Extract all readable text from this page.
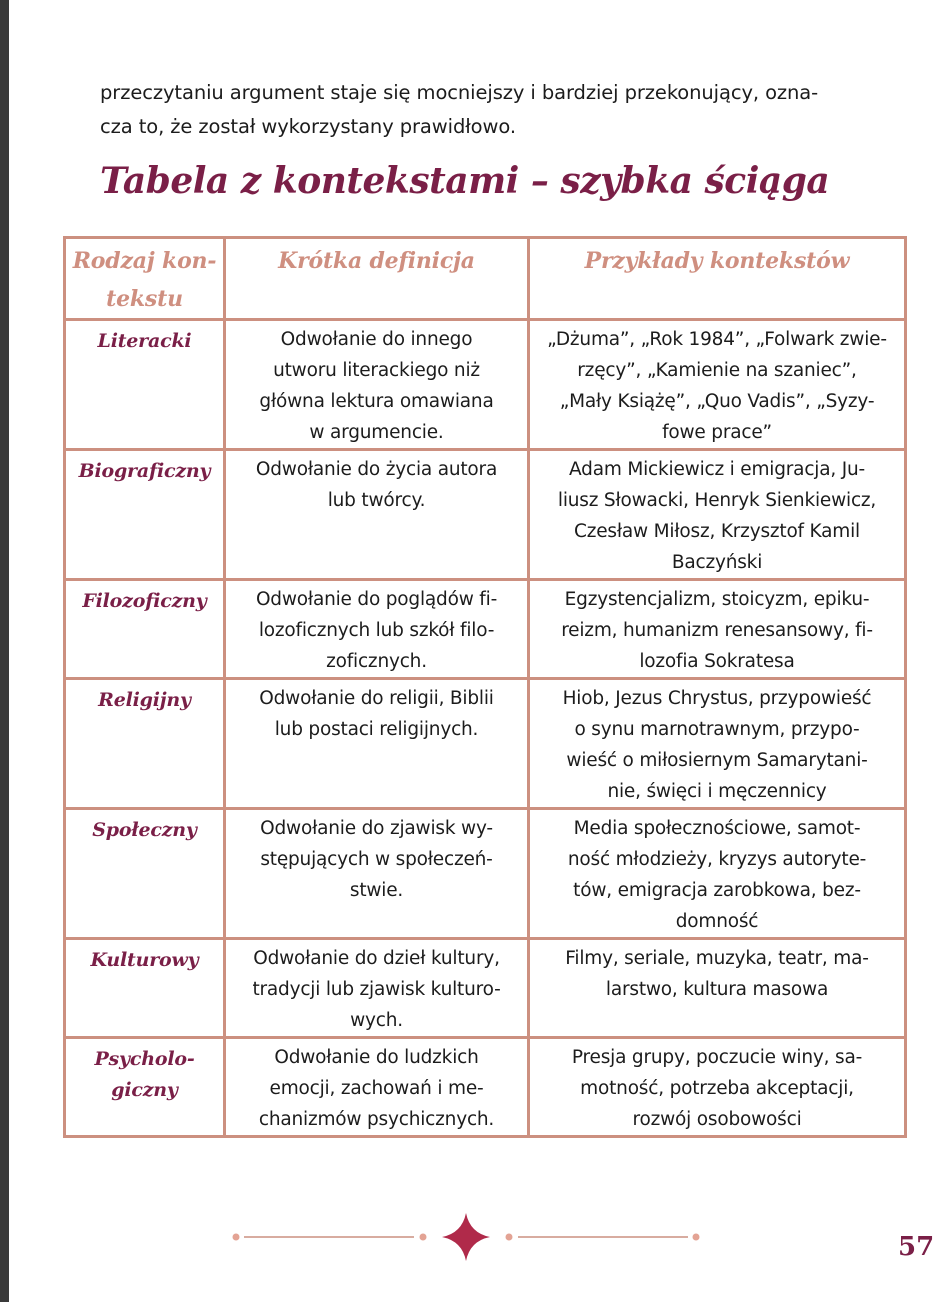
przeczytaniu argument staje się mocniejszy i bardziej przekonujący, ozna-

cza to, że został wykorzystany prawidłowo.

Tabela z kontekstami – szybka ściąga
Rodzaj kon- tekstu	Krótka definicja	Przykłady kontekstów

Literacki	Odwołanie do innego
utworu literackiego niż
główna lektura omawiana
w argumencie.	„Dżuma”, „Rok 1984”, „Folwark zwie-
rzęcy”, „Kamienie na szaniec”,
„Mały Książę”, „Quo Vadis”, „Syzy-
fowe prace”

Biograficzny	Odwołanie do życia autora
lub twórcy.	Adam Mickiewicz i emigracja, Ju-
liusz Słowacki, Henryk Sienkiewicz,
Czesław Miłosz, Krzysztof Kamil
Baczyński

Filozoficzny	Odwołanie do poglądów fi-
lozoficznych lub szkół filo-
zoficznych.	Egzystencjalizm, stoicyzm, epiku-
reizm, humanizm renesansowy, fi-
lozofia Sokratesa

Religijny	Odwołanie do religii, Biblii
lub postaci religijnych.	Hiob, Jezus Chrystus, przypowieść
o synu marnotrawnym, przypo-
wieść o miłosiernym Samarytani-
nie, święci i męczennicy

Społeczny	Odwołanie do zjawisk wy-
stępujących w społeczeń-
stwie.	Media społecznościowe, samot-
ność młodzieży, kryzys autoryte-
tów, emigracja zarobkowa, bez-
domność

Kulturowy	Odwołanie do dzieł kultury,
tradycji lub zjawisk kulturo-
wych.	Filmy, seriale, muzyka, teatr, ma-
larstwo, kultura masowa

Psycholo-
giczny	Odwołanie do ludzkich
emocji, zachowań i me-
chanizmów psychicznych.	Presja grupy, poczucie winy, sa-
motność, potrzeba akceptacji,
rozwój osobowości
57
